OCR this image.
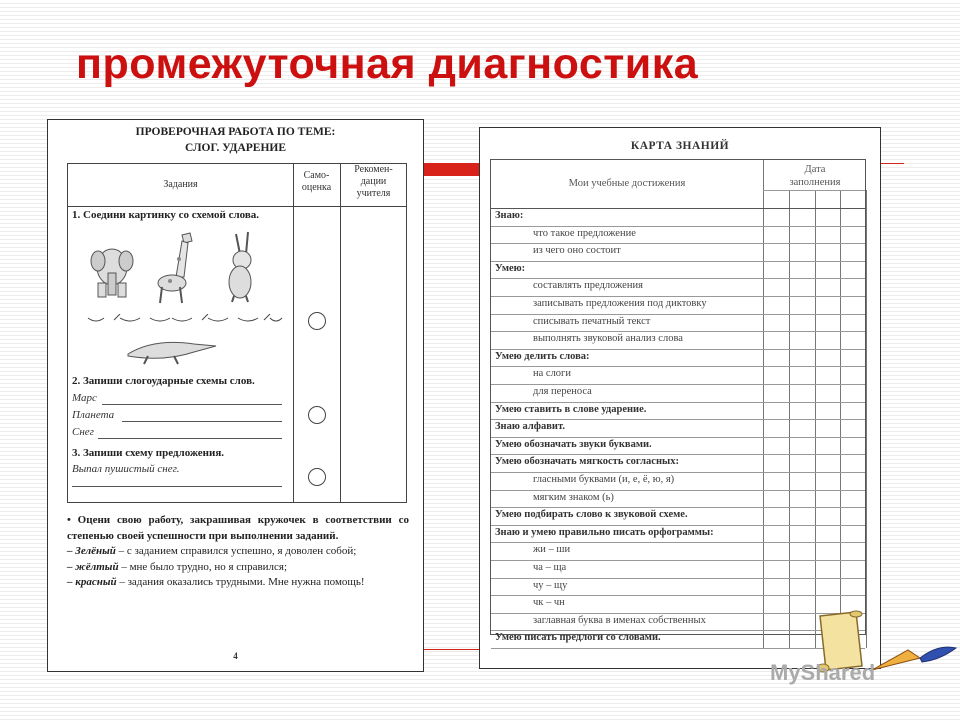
промежуточная диагностика
ПРОВЕРОЧНАЯ РАБОТА ПО ТЕМЕ:
СЛОГ. УДАРЕНИЕ
Задания
Само-
оценка
Рекомен-
дации
учителя
1. Соедини картинку со схемой слова.
2. Запиши слогоударные схемы слов.
Марс
Планета
Снег
3. Запиши схему предложения.
Выпал пушистый снег.
• Оцени свою работу, закрашивая кружочек в соответствии со степенью своей успешности при выполнении заданий.
– Зелёный – с заданием справился успешно, я доволен собой;
– жёлтый – мне было трудно, но я справился;
– красный – задания оказались трудными. Мне нужна помощь!
4
КАРТА ЗНАНИЙ
Мои учебные достижения
Дата
заполнения
Знаю:
что такое предложение
из чего оно состоит
Умею:
составлять предложения
записывать предложения под диктовку
списывать печатный текст
выполнять звуковой анализ слова
Умею делить слова:
на слоги
для переноса
Умею ставить в слове ударение.
Знаю алфавит.
Умею обозначать звуки буквами.
Умею обозначать мягкость согласных:
гласными буквами (и, е, ё, ю, я)
мягким знаком (ь)
Умею подбирать слово к звуковой схеме.
Знаю и умею правильно писать орфограммы:
жи – ши
ча – ща
чу – щу
чк – чн
заглавная буква в именах собственных
Умею писать предлоги со словами.
MyShared
